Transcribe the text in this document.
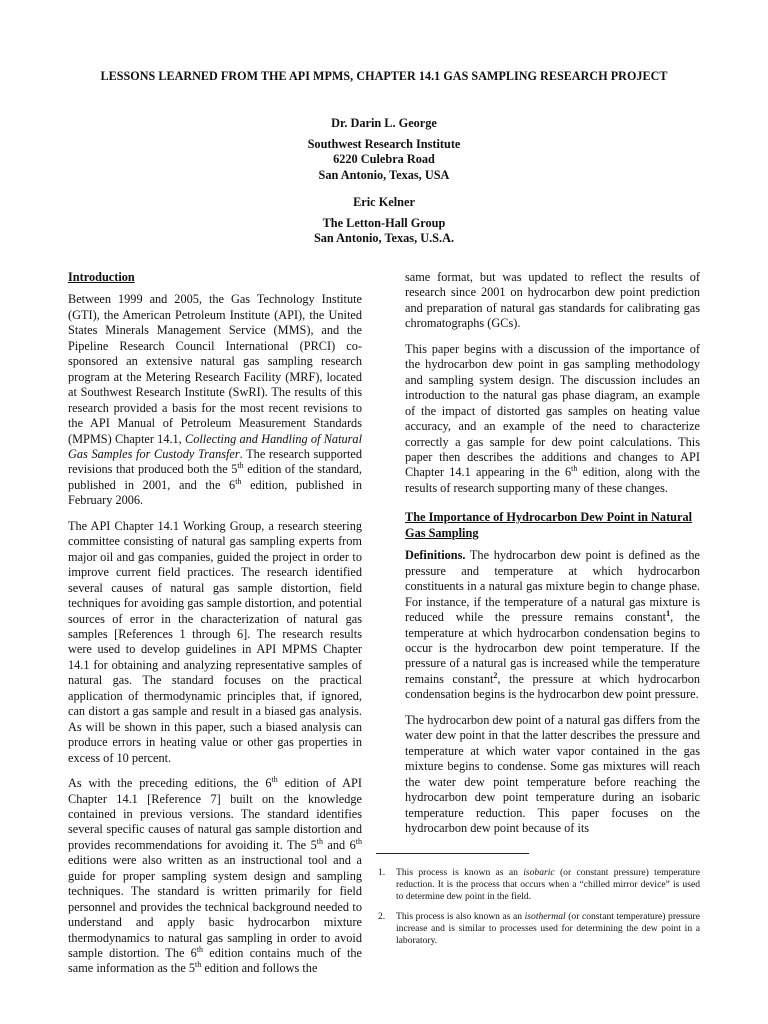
LESSONS LEARNED FROM THE API MPMS, CHAPTER 14.1 GAS SAMPLING RESEARCH PROJECT
Dr. Darin L. George
Southwest Research Institute
6220 Culebra Road
San Antonio, Texas, USA
Eric Kelner
The Letton-Hall Group
San Antonio, Texas, U.S.A.
Introduction

Between 1999 and 2005, the Gas Technology Institute (GTI), the American Petroleum Institute (API), the United States Minerals Management Service (MMS), and the Pipeline Research Council International (PRCI) co-sponsored an extensive natural gas sampling research program at the Metering Research Facility (MRF), located at Southwest Research Institute (SwRI). The results of this research provided a basis for the most recent revisions to the API Manual of Petroleum Measurement Standards (MPMS) Chapter 14.1, Collecting and Handling of Natural Gas Samples for Custody Transfer. The research supported revisions that produced both the 5th edition of the standard, published in 2001, and the 6th edition, published in February 2006.

The API Chapter 14.1 Working Group, a research steering committee consisting of natural gas sampling experts from major oil and gas companies, guided the project in order to improve current field practices. The research identified several causes of natural gas sample distortion, field techniques for avoiding gas sample distortion, and potential sources of error in the characterization of natural gas samples [References 1 through 6]. The research results were used to develop guidelines in API MPMS Chapter 14.1 for obtaining and analyzing representative samples of natural gas. The standard focuses on the practical application of thermodynamic principles that, if ignored, can distort a gas sample and result in a biased gas analysis. As will be shown in this paper, such a biased analysis can produce errors in heating value or other gas properties in excess of 10 percent.

As with the preceding editions, the 6th edition of API Chapter 14.1 [Reference 7] built on the knowledge contained in previous versions. The standard identifies several specific causes of natural gas sample distortion and provides recommendations for avoiding it. The 5th and 6th editions were also written as an instructional tool and a guide for proper sampling system design and sampling techniques. The standard is written primarily for field personnel and provides the technical background needed to understand and apply basic hydrocarbon mixture thermodynamics to natural gas sampling in order to avoid sample distortion. The 6th edition contains much of the same information as the 5th edition and follows the

same format, but was updated to reflect the results of research since 2001 on hydrocarbon dew point prediction and preparation of natural gas standards for calibrating gas chromatographs (GCs).

This paper begins with a discussion of the importance of the hydrocarbon dew point in gas sampling methodology and sampling system design. The discussion includes an introduction to the natural gas phase diagram, an example of the impact of distorted gas samples on heating value accuracy, and an example of the need to characterize correctly a gas sample for dew point calculations. This paper then describes the additions and changes to API Chapter 14.1 appearing in the 6th edition, along with the results of research supporting many of these changes.

The Importance of Hydrocarbon Dew Point in Natural Gas Sampling

Definitions. The hydrocarbon dew point is defined as the pressure and temperature at which hydrocarbon constituents in a natural gas mixture begin to change phase. For instance, if the temperature of a natural gas mixture is reduced while the pressure remains constant$^1$, the temperature at which hydrocarbon condensation begins to occur is the hydrocarbon dew point temperature. If the pressure of a natural gas is increased while the temperature remains constant$^2$, the pressure at which hydrocarbon condensation begins is the hydrocarbon dew point pressure.

The hydrocarbon dew point of a natural gas differs from the water dew point in that the latter describes the pressure and temperature at which water vapor contained in the gas mixture begins to condense. Some gas mixtures will reach the water dew point temperature before reaching the hydrocarbon dew point temperature during an isobaric temperature reduction. This paper focuses on the hydrocarbon dew point because of its

1. This process is known as an isobaric (or constant pressure) temperature reduction. It is the process that occurs when a “chilled mirror device” is used to determine dew point in the field.
2. This process is also known as an isothermal (or constant temperature) pressure increase and is similar to processes used for determining the dew point in a laboratory.
